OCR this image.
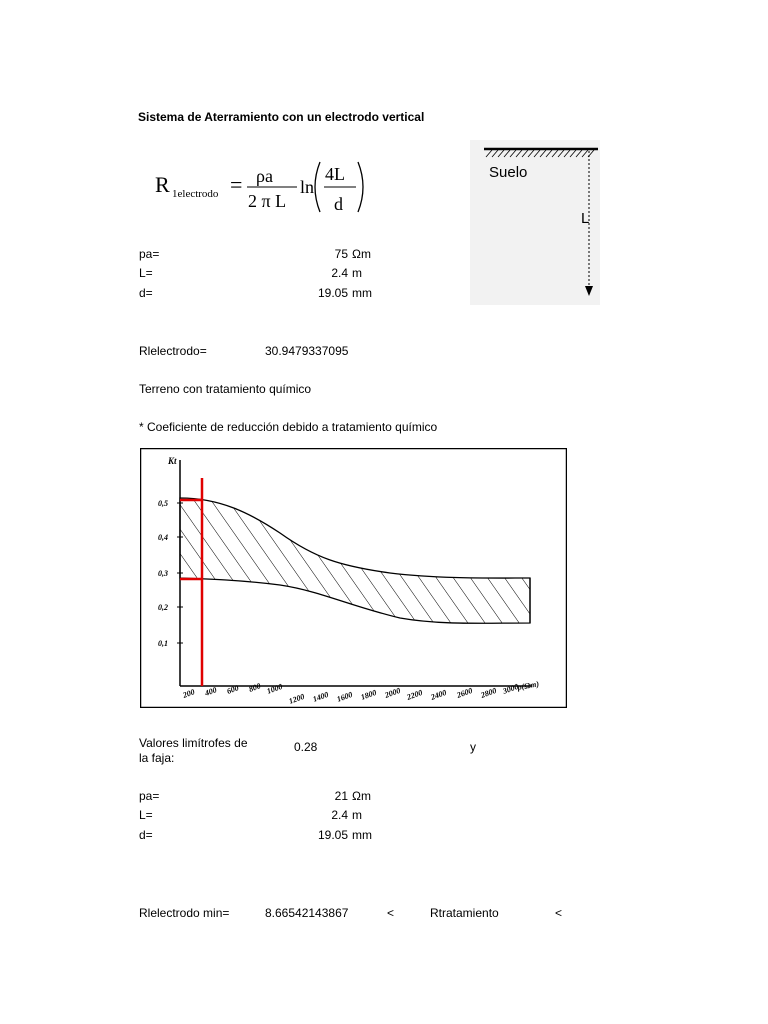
Sistema de Aterramiento con un electrodo vertical
R 1electrodo = ρa
2 π L
ln
4L
d
Suelo
L
pa=	75 Ωm
L=	2.4 m
d=	19.05 mm
Rlelectrodo=	30.9479337095
Terreno con tratamiento químico
* Coeficiente de reducción debido a tratamiento químico
Kt
0,5
0,4
0,3
0,2
0,1
200 400 600 800 1000
1200 1400 1600 1800 2000 2200 2400 2600 2800 3000
ρ(Ωm)
Valores limítrofes de
la faja:
0.28	y
pa=	21 Ωm
L=	2.4 m
d=	19.05 mm
Rlelectrodo min=	8.66542143867	<	Rtratamiento	<
